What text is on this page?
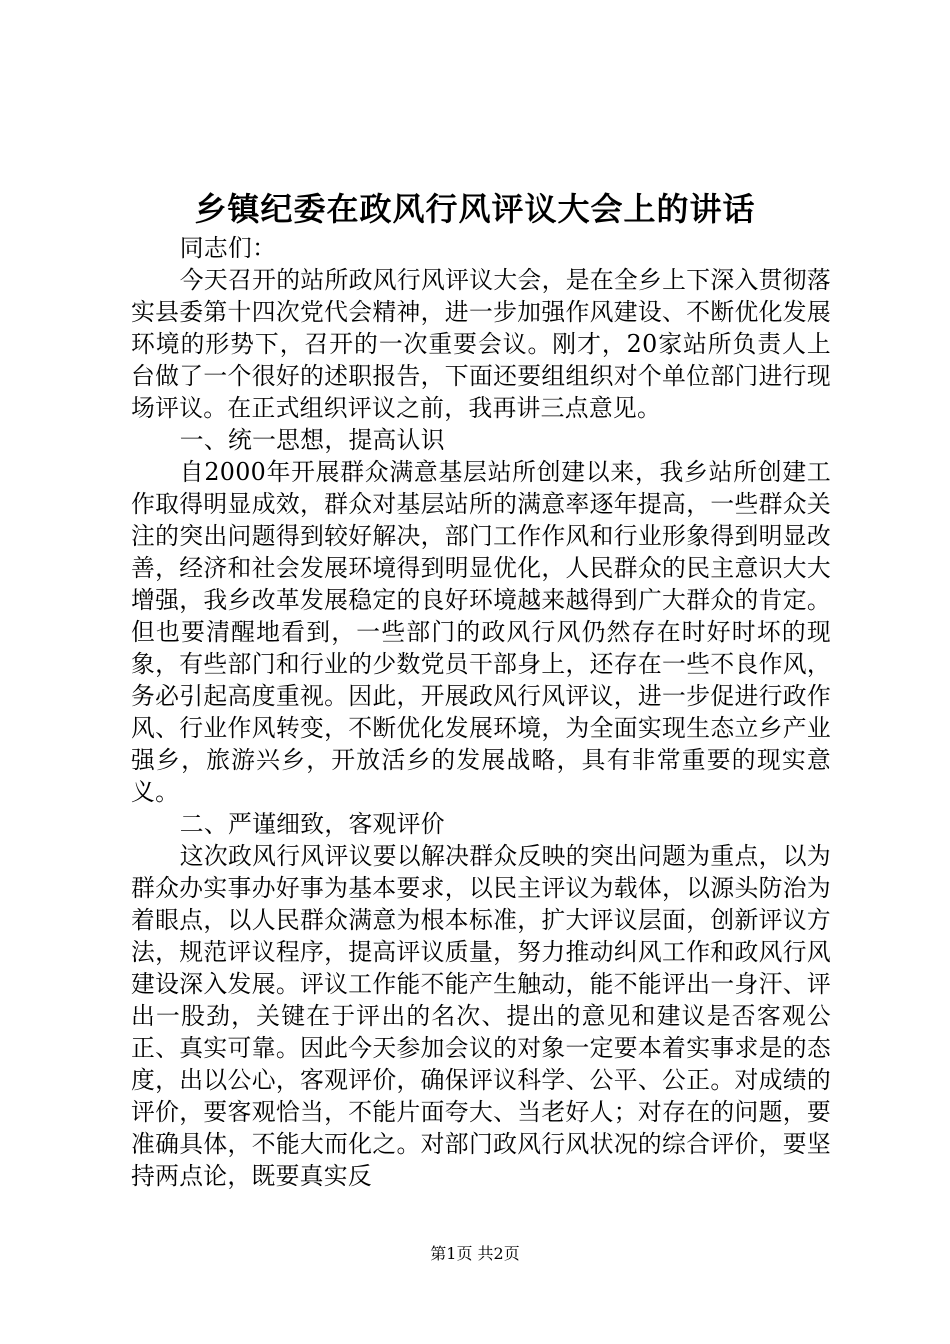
乡镇纪委在政风行风评议大会上的讲话

同志们：

今天召开的站所政风行风评议大会，是在全乡上下深入贯彻落实县委第十四次党代会精神，进一步加强作风建设、不断优化发展环境的形势下，召开的一次重要会议。刚才，20家站所负责人上台做了一个很好的述职报告，下面还要组组织对个单位部门进行现场评议。在正式组织评议之前，我再讲三点意见。

一、统一思想，提高认识

自2000年开展群众满意基层站所创建以来，我乡站所创建工作取得明显成效，群众对基层站所的满意率逐年提高，一些群众关注的突出问题得到较好解决，部门工作作风和行业形象得到明显改善，经济和社会发展环境得到明显优化，人民群众的民主意识大大增强，我乡改革发展稳定的良好环境越来越得到广大群众的肯定。但也要清醒地看到，一些部门的政风行风仍然存在时好时坏的现象，有些部门和行业的少数党员干部身上，还存在一些不良作风，务必引起高度重视。因此，开展政风行风评议，进一步促进行政作风、行业作风转变，不断优化发展环境，为全面实现生态立乡产业强乡，旅游兴乡，开放活乡的发展战略，具有非常重要的现实意义。

二、严谨细致，客观评价

这次政风行风评议要以解决群众反映的突出问题为重点，以为群众办实事办好事为基本要求，以民主评议为载体，以源头防治为着眼点，以人民群众满意为根本标准，扩大评议层面，创新评议方法，规范评议程序，提高评议质量，努力推动纠风工作和政风行风建设深入发展。评议工作能不能产生触动，能不能评出一身汗、评出一股劲，关键在于评出的名次、提出的意见和建议是否客观公正、真实可靠。因此今天参加会议的对象一定要本着实事求是的态度，出以公心，客观评价，确保评议科学、公平、公正。对成绩的评价，要客观恰当，不能片面夸大、当老好人；对存在的问题，要准确具体，不能大而化之。对部门政风行风状况的综合评价，要坚持两点论，既要真实反

第1页 共2页
